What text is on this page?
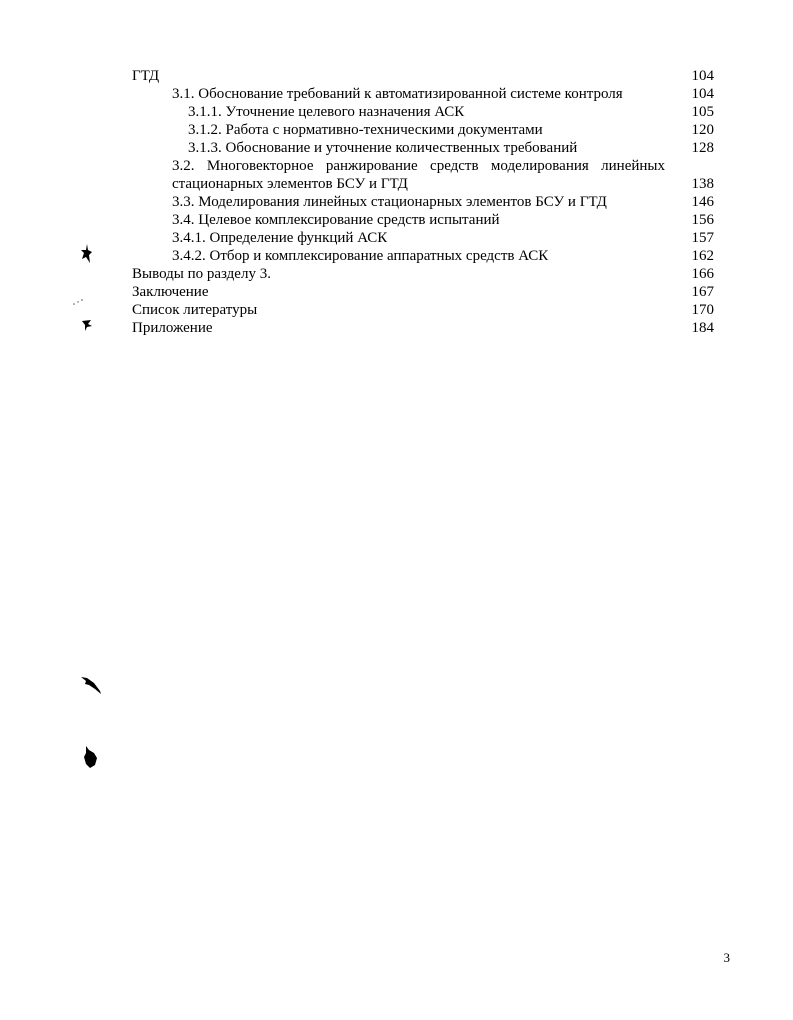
ГТД	104
3.1. Обоснование требований к автоматизированной системе контроля	104
3.1.1. Уточнение целевого назначения АСК	105
3.1.2. Работа с нормативно-техническими документами	120
3.1.3. Обоснование и уточнение количественных требований	128
3.2. Многовекторное ранжирование средств моделирования линейных
стационарных элементов БСУ и ГТД	138
3.3. Моделирования линейных стационарных элементов БСУ и ГТД	146
3.4. Целевое комплексирование средств испытаний	156
3.4.1. Определение функций АСК	157
3.4.2. Отбор и комплексирование аппаратных средств АСК	162
Выводы по разделу 3.	166
Заключение	167
Список литературы	170
Приложение	184
3
